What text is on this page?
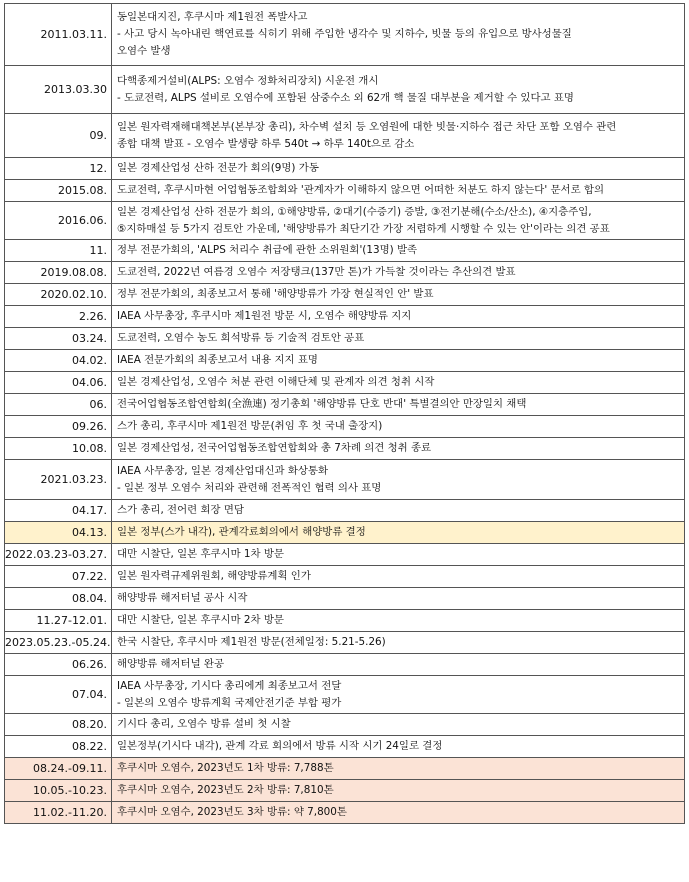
2011.03.11.	동일본대지진, 후쿠시마 제1원전 폭발사고
- 사고 당시 녹아내린 핵연료를 식히기 위해 주입한 냉각수 및 지하수, 빗물 등의 유입으로 방사성물질
오염수 발생

2013.03.30	다핵종제거설비(ALPS: 오염수 정화처리장치) 시운전 개시
- 도쿄전력, ALPS 설비로 오염수에 포함된 삼중수소 외 62개 핵 물질 대부분을 제거할 수 있다고 표명

09.	일본 원자력재해대책본부(본부장 총리), 차수벽 설치 등 오염원에 대한 빗물·지하수 접근 차단 포함 오염수 관련
종합 대책 발표 - 오염수 발생량 하루 540t → 하루 140t으로 감소

12.	일본 경제산업성 산하 전문가 회의(9명) 가동

2015.08.	도쿄전력, 후쿠시마현 어업협동조합회와 '관계자가 이해하지 않으면 어떠한 처분도 하지 않는다' 문서로 합의

2016.06.	일본 경제산업성 산하 전문가 회의, ①해양방류, ②대기(수증기) 증발, ③전기분해(수소/산소), ④지층주입,
⑤지하매설 등 5가지 검토안 가운데, '해양방류가 최단기간 가장 저렴하게 시행할 수 있는 안'이라는 의견 공표

11.	정부 전문가회의, 'ALPS 처리수 취급에 관한 소위원회'(13명) 발족

2019.08.08.	도쿄전력, 2022년 여름경 오염수 저장탱크(137만 톤)가 가득찰 것이라는 추산의견 발표

2020.02.10.	정부 전문가회의, 최종보고서 통해 '해양방류가 가장 현실적인 안' 발표

2.26.	IAEA 사무총장, 후쿠시마 제1원전 방문 시, 오염수 해양방류 지지

03.24.	도쿄전력, 오염수 농도 희석방류 등 기술적 검토안 공표

04.02.	IAEA 전문가회의 최종보고서 내용 지지 표명

04.06.	일본 경제산업성, 오염수 처분 관련 이해단체 및 관계자 의견 청취 시작

06.	전국어업협동조합연합회(全漁連) 정기총회 '해양방류 단호 반대' 특별결의안 만장일치 채택

09.26.	스가 총리, 후쿠시마 제1원전 방문(취임 후 첫 국내 출장지)

10.08.	일본 경제산업성, 전국어업협동조합연합회와 총 7차례 의견 청취 종료

2021.03.23.	IAEA 사무총장, 일본 경제산업대신과 화상통화
- 일본 정부 오염수 처리와 관련해 전폭적인 협력 의사 표명

04.17.	스가 총리, 전어련 회장 면담

04.13.	일본 정부(스가 내각), 관계각료회의에서 해양방류 결정

2022.03.23-03.27.	대만 시찰단, 일본 후쿠시마 1차 방문

07.22.	일본 원자력규제위원회, 해양방류계획 인가

08.04.	해양방류 해저터널 공사 시작

11.27-12.01.	대만 시찰단, 일본 후쿠시마 2차 방문

2023.05.23.-05.24.	한국 시찰단, 후쿠시마 제1원전 방문(전체일정: 5.21-5.26)

06.26.	해양방류 해저터널 완공

07.04.	IAEA 사무총장, 기시다 총리에게 최종보고서 전달
- 일본의 오염수 방류계획 국제안전기준 부합 평가

08.20.	기시다 총리, 오염수 방류 설비 첫 시찰

08.22.	일본정부(기시다 내각), 관계 각료 회의에서 방류 시작 시기 24일로 결정

08.24.-09.11.	후쿠시마 오염수, 2023년도 1차 방류: 7,788톤

10.05.-10.23.	후쿠시마 오염수, 2023년도 2차 방류: 7,810톤

11.02.-11.20.	후쿠시마 오염수, 2023년도 3차 방류: 약 7,800톤
